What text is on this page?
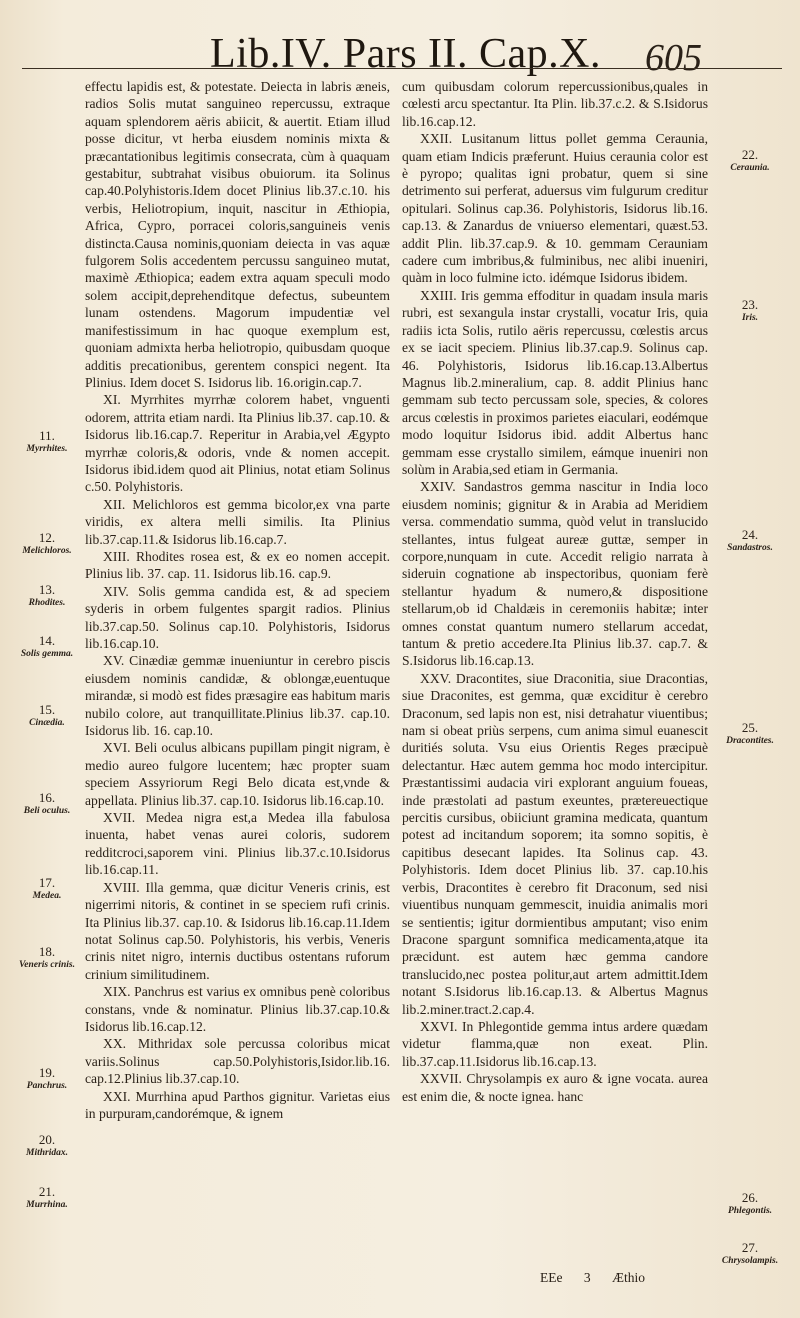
Lib.IV. Pars II. Cap.X. 605

effectu lapidis est, & potestate. Deiecta in labris æneis, radios Solis mutat sanguineo repercussu, extraque aquam splendorem aëris abiicit, & auertit. Etiam illud posse dicitur, vt herba eiusdem nominis mixta & præcantationibus legitimis consecrata, cùm à quaquam gestabitur, subtrahat visibus obuiorum. ita Solinus cap.40.Polyhistoris.Idem docet Plinius lib.37.c.10. his verbis, Heliotropium, inquit, nascitur in Æthiopia, Africa, Cypro, porracei coloris,sanguineis venis distincta.Causa nominis,quoniam deiecta in vas aquæ fulgorem Solis accedentem percussu sanguineo mutat, maximè Æthiopica; eadem extra aquam speculi modo solem accipit,deprehenditque defectus, subeuntem lunam ostendens. Magorum impudentiæ vel manifestissimum in hac quoque exemplum est, quoniam admixta herba heliotropio, quibusdam quoque additis precationibus, gerentem conspici negent. Ita Plinius. Idem docet S. Isidorus lib. 16.origin.cap.7.

XI. Myrrhites myrrhæ colorem habet, vnguenti odorem, attrita etiam nardi. Ita Plinius lib.37. cap.10. & Isidorus lib.16.cap.7. Reperitur in Arabia,vel Ægypto myrrhæ coloris,& odoris, vnde & nomen accepit. Isidorus ibid.idem quod ait Plinius, notat etiam Solinus c.50. Polyhistoris.

XII. Melichloros est gemma bicolor,ex vna parte viridis, ex altera melli similis. Ita Plinius lib.37.cap.11.& Isidorus lib.16.cap.7.

XIII. Rhodites rosea est, & ex eo nomen accepit. Plinius lib. 37. cap. 11. Isidorus lib.16. cap.9.

XIV. Solis gemma candida est, & ad speciem syderis in orbem fulgentes spargit radios. Plinius lib.37.cap.50. Solinus cap.10. Polyhistoris, Isidorus lib.16.cap.10.

XV. Cinædiæ gemmæ inueniuntur in cerebro piscis eiusdem nominis candidæ, & oblongæ,euentuque mirandæ, si modò est fides præsagire eas habitum maris nubilo colore, aut tranquillitate.Plinius lib.37. cap.10. Isidorus lib. 16. cap.10.

XVI. Beli oculus albicans pupillam pingit nigram, è medio aureo fulgore lucentem; hæc propter suam speciem Assyriorum Regi Belo dicata est,vnde & appellata. Plinius lib.37. cap.10. Isidorus lib.16.cap.10.

XVII. Medea nigra est,a Medea illa fabulosa inuenta, habet venas aurei coloris, sudorem redditcroci,saporem vini. Plinius lib.37.c.10.Isidorus lib.16.cap.11.

XVIII. Illa gemma, quæ dicitur Veneris crinis, est nigerrimi nitoris, & continet in se speciem rufi crinis. Ita Plinius lib.37. cap.10. & Isidorus lib.16.cap.11.Idem notat Solinus cap.50. Polyhistoris, his verbis, Veneris crinis nitet nigro, internis ductibus ostentans ruforum crinium similitudinem.

XIX. Panchrus est varius ex omnibus penè coloribus constans, vnde & nominatur. Plinius lib.37.cap.10.& Isidorus lib.16.cap.12.

XX. Mithridax sole percussa coloribus micat variis.Solinus cap.50.Polyhistoris,Isidor.lib.16. cap.12.Plinius lib.37.cap.10.

XXI. Murrhina apud Parthos gignitur. Varietas eius in purpuram,candorémque, & ignem

cum quibusdam colorum repercussionibus,quales in cœlesti arcu spectantur. Ita Plin. lib.37.c.2. & S.Isidorus lib.16.cap.12.

XXII. Lusitanum littus pollet gemma Ceraunia, quam etiam Indicis præferunt. Huius ceraunia color est è pyropo; qualitas igni probatur, quem si sine detrimento sui perferat, aduersus vim fulgurum creditur opitulari. Solinus cap.36. Polyhistoris, Isidorus lib.16. cap.13. & Zanardus de vniuerso elementari, quæst.53. addit Plin. lib.37.cap.9. & 10. gemmam Cerauniam cadere cum imbribus,& fulminibus, nec alibi inueniri, quàm in loco fulmine icto. idémque Isidorus ibidem.

XXIII. Iris gemma effoditur in quadam insula maris rubri, est sexangula instar crystalli, vocatur Iris, quia radiis icta Solis, rutilo aëris repercussu, cœlestis arcus ex se iacit speciem. Plinius lib.37.cap.9. Solinus cap. 46. Polyhistoris, Isidorus lib.16.cap.13.Albertus Magnus lib.2.mineralium, cap. 8. addit Plinius hanc gemmam sub tecto percussam sole, species, & colores arcus cœlestis in proximos parietes eiaculari, eodémque modo loquitur Isidorus ibid. addit Albertus hanc gemmam esse crystallo similem, eámque inueniri non solùm in Arabia,sed etiam in Germania.

XXIV. Sandastros gemma nascitur in India loco eiusdem nominis; gignitur & in Arabia ad Meridiem versa. commendatio summa, quòd velut in translucido stellantes, intus fulgeat aureæ guttæ, semper in corpore,nunquam in cute. Accedit religio narrata à sideruin cognatione ab inspectoribus, quoniam ferè stellantur hyadum & numero,& dispositione stellarum,ob id Chaldæis in ceremoniis habitæ; inter omnes constat quantum numero stellarum accedat, tantum & pretio accedere.Ita Plinius lib.37. cap.7. & S.Isidorus lib.16.cap.13.

XXV. Dracontites, siue Draconitia, siue Dracontias, siue Draconites, est gemma, quæ exciditur è cerebro Draconum, sed lapis non est, nisi detrahatur viuentibus; nam si obeat priùs serpens, cum anima simul euanescit duritiés soluta. Vsu eius Orientis Reges præcipuè delectantur. Hæc autem gemma hoc modo intercipitur. Præstantissimi audacia viri explorant anguium foueas, inde præstolati ad pastum exeuntes, prætereuectique percitis cursibus, obiiciunt gramina medicata, quantum potest ad incitandum soporem; ita somno sopitis, è capitibus desecant lapides. Ita Solinus cap. 43. Polyhistoris. Idem docet Plinius lib. 37. cap.10.his verbis, Dracontites è cerebro fit Draconum, sed nisi viuentibus nunquam gemmescit, inuidia animalis mori se sentientis; igitur dormientibus amputant; viso enim Dracone spargunt somnifica medicamenta,atque ita præcidunt. est autem hæc gemma candore translucido,nec postea politur,aut artem admittit.Idem notant S.Isidorus lib.16.cap.13. & Albertus Magnus lib.2.miner.tract.2.cap.4.

XXVI. In Phlegontide gemma intus ardere quædam videtur flamma,quæ non exeat. Plin. lib.37.cap.11.Isidorus lib.16.cap.13.

XXVII. Chrysolampis ex auro & igne vocata. aurea est enim die, & nocte ignea. hanc

11.
Myrrhites.
12.
Melichloros.
13.
Rhodites.
14.
Solis gemma.
15.
Cinædia.
16.
Beli oculus.
17.
Medea.
18.
Veneris crinis.
19.
Panchrus.
20.
Mithridax.
21.
Murrhina.
22.
Ceraunia.
23.
Iris.
24.
Sandastros.
25.
Dracontites.
26.
Phlegontis.
27.
Chrysolampis.
EEe 3 Æthio
